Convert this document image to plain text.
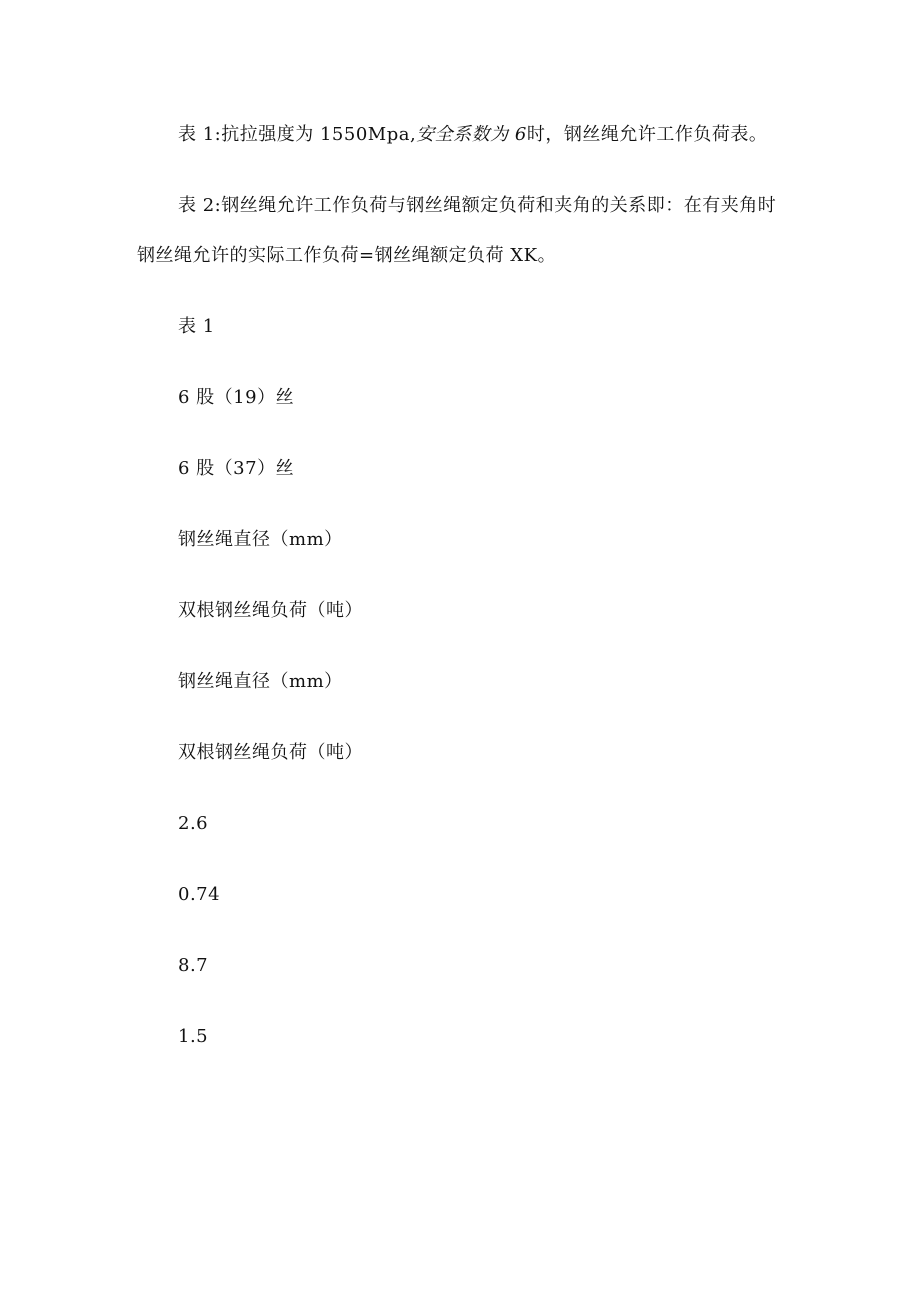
表 1:抗拉强度为 1550Mpa,安全系数为 6时，钢丝绳允许工作负荷表。
表 2:钢丝绳允许工作负荷与钢丝绳额定负荷和夹角的关系即：在有夹角时
钢丝绳允许的实际工作负荷=钢丝绳额定负荷 XK。
表 1
6 股（19）丝
6 股（37）丝
钢丝绳直径（mm）
双根钢丝绳负荷（吨）
钢丝绳直径（mm）
双根钢丝绳负荷（吨）
2.6
0.74
8.7
1.5
